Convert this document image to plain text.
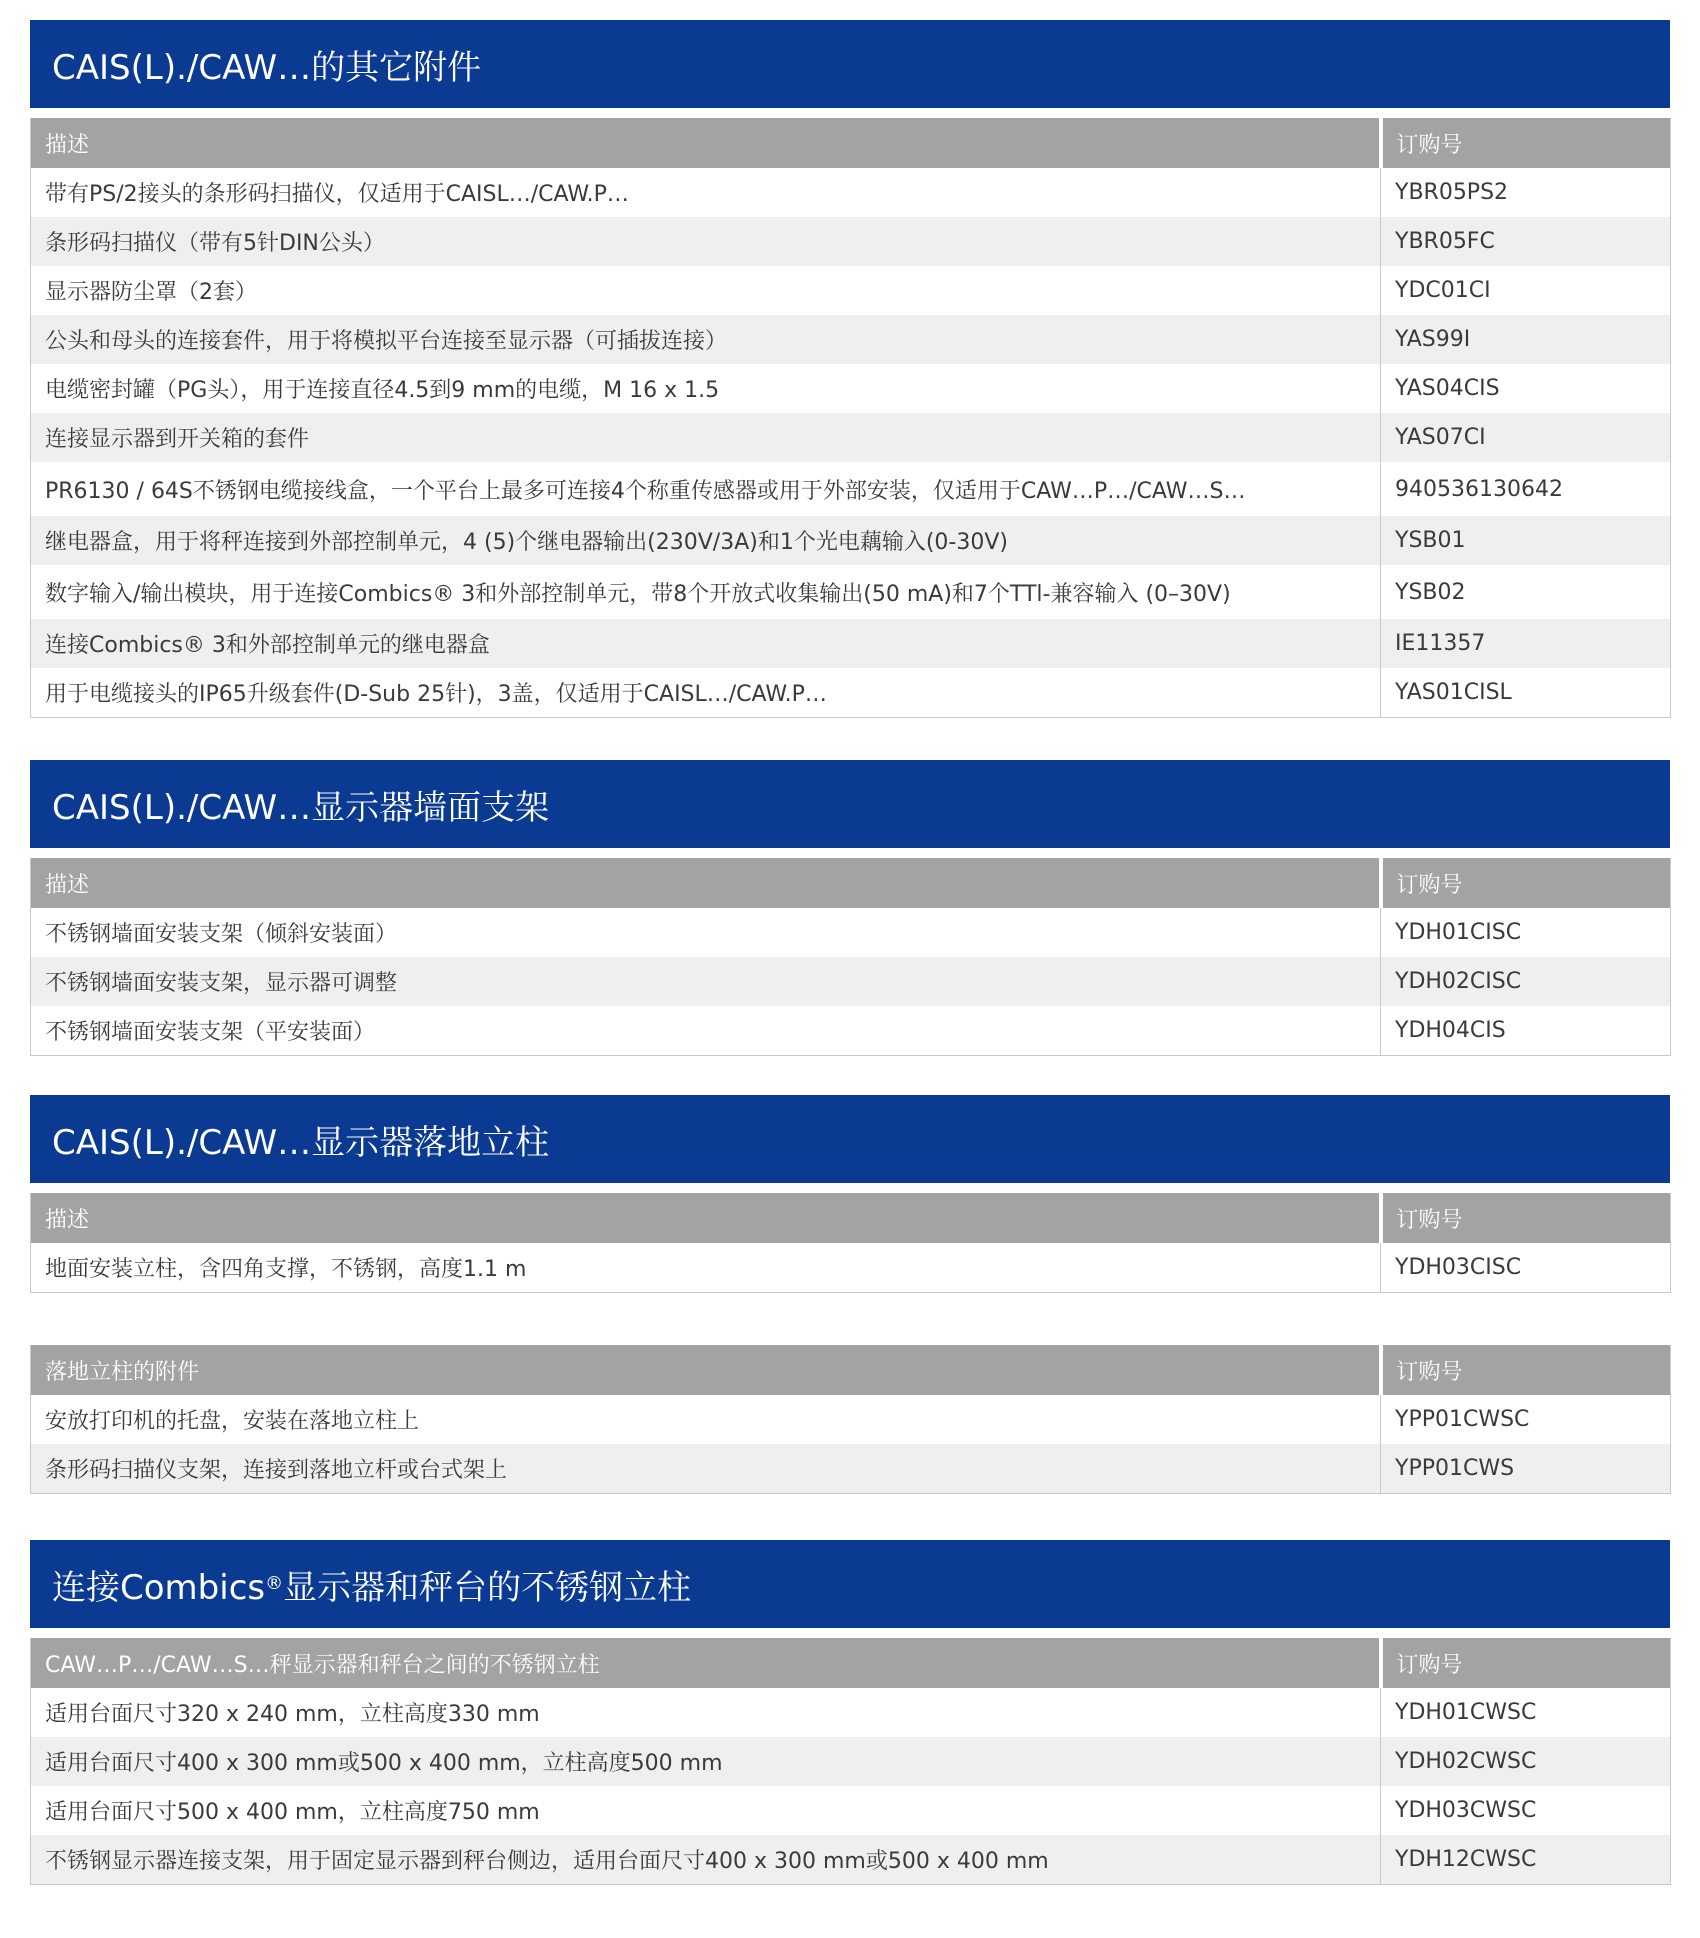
CAIS(L)./CAW…的其它附件
描述	订购号
带有PS/2接头的条形码扫描仪，仅适用于CAISL…/CAW.P…	YBR05PS2
条形码扫描仪（带有5针DIN公头）	YBR05FC
显示器防尘罩（2套）	YDC01CI
公头和母头的连接套件，用于将模拟平台连接至显示器（可插拔连接）	YAS99I
电缆密封罐（PG头），用于连接直径4.5到9 mm的电缆，M 16 x 1.5	YAS04CIS
连接显示器到开关箱的套件	YAS07CI
PR6130 / 64S不锈钢电缆接线盒，一个平台上最多可连接4个称重传感器或用于外部安装，仅适用于CAW…P…/CAW…S…	940536130642
继电器盒，用于将秤连接到外部控制单元，4 (5)个继电器输出(230V/3A)和1个光电藕输入(0-30V)	YSB01
数字输入/输出模块，用于连接Combics® 3和外部控制单元，带8个开放式收集输出(50 mA)和7个TTl-兼容输入 (0–30V)	YSB02
连接Combics® 3和外部控制单元的继电器盒	IE11357
用于电缆接头的IP65升级套件(D-Sub 25针)，3盖，仅适用于CAISL…/CAW.P…	YAS01CISL
CAIS(L)./CAW…显示器墙面支架
描述	订购号
不锈钢墙面安装支架（倾斜安装面）	YDH01CISC
不锈钢墙面安装支架，显示器可调整	YDH02CISC
不锈钢墙面安装支架（平安装面）	YDH04CIS
CAIS(L)./CAW…显示器落地立柱
描述	订购号
地面安装立柱，含四角支撑，不锈钢，高度1.1 m	YDH03CISC
落地立柱的附件	订购号
安放打印机的托盘，安装在落地立柱上	YPP01CWSC
条形码扫描仪支架，连接到落地立杆或台式架上	YPP01CWS
连接Combics ® 显示器和秤台的不锈钢立柱
CAW…P…/CAW…S…秤显示器和秤台之间的不锈钢立柱	订购号
适用台面尺寸320 x 240 mm，立柱高度330 mm	YDH01CWSC
适用台面尺寸400 x 300 mm或500 x 400 mm，立柱高度500 mm	YDH02CWSC
适用台面尺寸500 x 400 mm，立柱高度750 mm	YDH03CWSC
不锈钢显示器连接支架，用于固定显示器到秤台侧边，适用台面尺寸400 x 300 mm或500 x 400 mm	YDH12CWSC
